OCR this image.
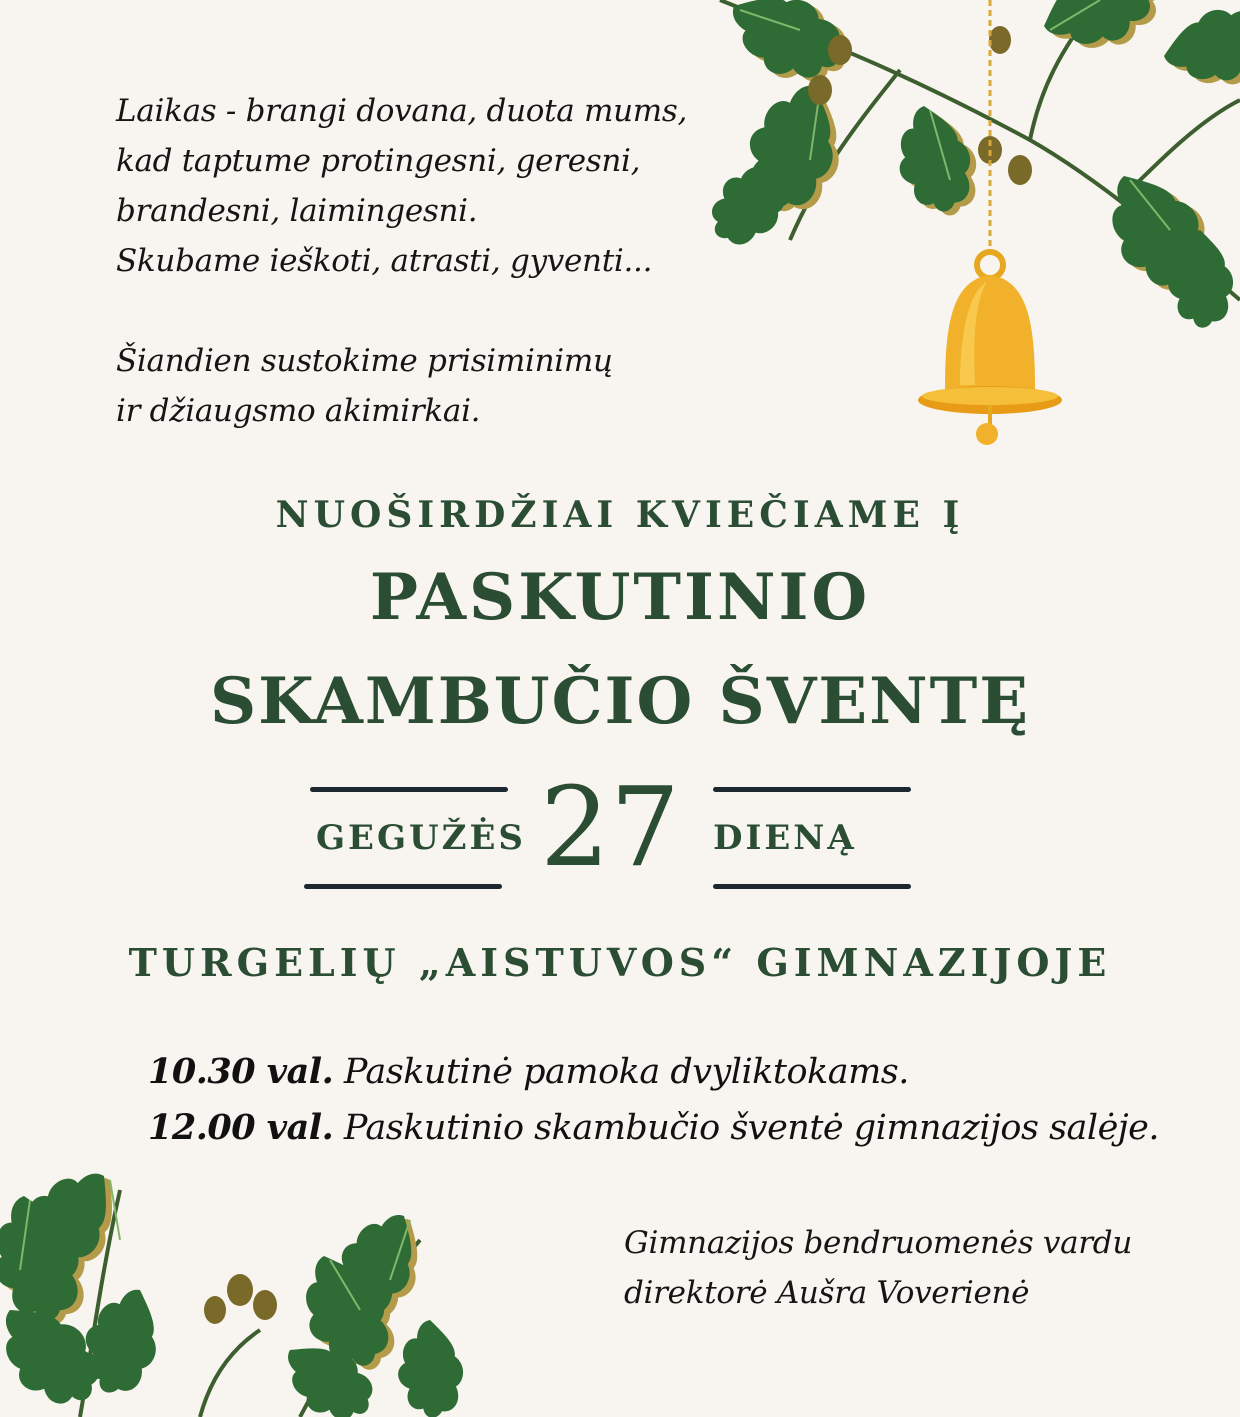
Laikas - brangi dovana, duota mums,

kad taptume protingesni, geresni,

brandesni, laimingesni.

Skubame ieškoti, atrasti, gyventi...

Šiandien sustokime prisiminimų

ir džiaugsmo akimirkai.

NUOŠIRDŽIAI KVIEČIAME Į
PASKUTINIO
SKAMBUČIO ŠVENTĘ
GEGUŽĖS 27 DIENĄ
TURGELIŲ „AISTUVOS“ GIMNAZIJOJE

10.30 val. Paskutinė pamoka dvyliktokams.

12.00 val. Paskutinio skambučio šventė gimnazijos salėje.

Gimnazijos bendruomenės vardu

direktorė Aušra Voverienė
